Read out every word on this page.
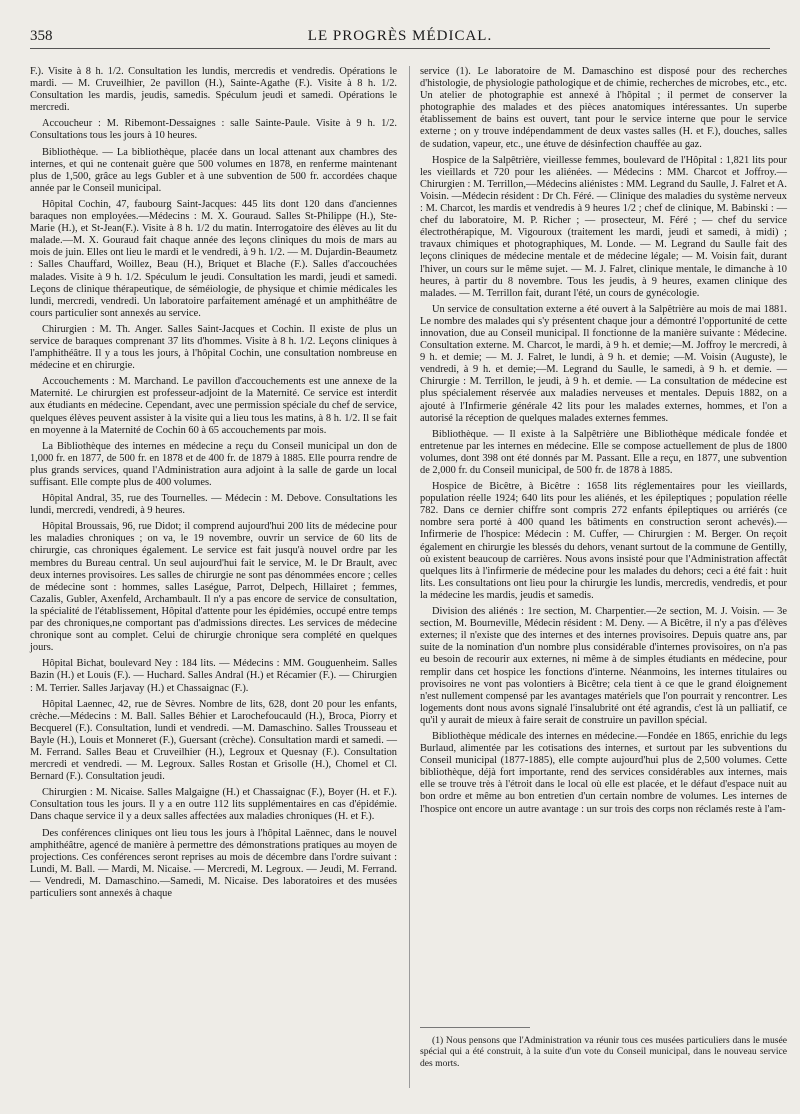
358	LE PROGRÈS MÉDICAL.

F.). Visite à 8 h. 1/2. Consultation les lundis, mercredis et vendredis. Opérations le mardi. — M. Cruveilhier, 2e pavillon (H.), Sainte-Agathe (F.). Visite à 8 h. 1/2. Consultation les mardis, jeudis, samedis. Spéculum jeudi et samedi. Opérations le mercredi.

Accoucheur : M. Ribemont-Dessaignes : salle Sainte-Paule. Visite à 9 h. 1/2. Consultations tous les jours à 10 heures.

Bibliothèque. — La bibliothèque, placée dans un local attenant aux chambres des internes, et qui ne contenait guère que 500 volumes en 1878, en renferme maintenant plus de 1,500, grâce au legs Gubler et à une subvention de 500 fr. accordées chaque année par le Conseil municipal.

Hôpital Cochin, 47, faubourg Saint-Jacques: 445 lits dont 120 dans d'anciennes baraques non employées.—Médecins : M. X. Gouraud. Salles St-Philippe (H.), Ste-Marie (H.), et St-Jean(F.). Visite à 8 h. 1/2 du matin. Interrogatoire des élèves au lit du malade.—M. X. Gouraud fait chaque année des leçons cliniques du mois de mars au mois de juin. Elles ont lieu le mardi et le vendredi, à 9 h. 1/2. — M. Dujardin-Beaumetz : Salles Chauffard, Woillez, Beau (H.), Briquet et Blache (F.). Salles d'accouchées malades. Visite à 9 h. 1/2. Spéculum le jeudi. Consultation les mardi, jeudi et samedi. Leçons de clinique thérapeutique, de séméiologie, de physique et chimie médicales les lundi, mercredi, vendredi. Un laboratoire parfaitement aménagé et un amphithéâtre de cours particulier sont annexés au service.

Chirurgien : M. Th. Anger. Salles Saint-Jacques et Cochin. Il existe de plus un service de baraques comprenant 37 lits d'hommes. Visite à 8 h. 1/2. Leçons cliniques à l'amphithéâtre. Il y a tous les jours, à l'hôpital Cochin, une consultation nombreuse en médecine et en chirurgie.

Accouchements : M. Marchand. Le pavillon d'accouchements est une annexe de la Maternité. Le chirurgien est professeur-adjoint de la Maternité. Ce service est interdit aux étudiants en médecine. Cependant, avec une permission spéciale du chef de service, quelques élèves peuvent assister à la visite qui a lieu tous les matins, à 8 h. 1/2. Il se fait en moyenne à la Maternité de Cochin 60 à 65 accouchements par mois.

La Bibliothèque des internes en médecine a reçu du Conseil municipal un don de 1,000 fr. en 1877, de 500 fr. en 1878 et de 400 fr. de 1879 à 1885. Elle pourra rendre de plus grands services, quand l'Administration aura adjoint à la salle de garde un local suffisant. Elle compte plus de 400 volumes.

Hôpital Andral, 35, rue des Tournelles. — Médecin : M. Debove. Consultations les lundi, mercredi, vendredi, à 9 heures.

Hôpital Broussais, 96, rue Didot; il comprend aujourd'hui 200 lits de médecine pour les maladies chroniques ; on va, le 19 novembre, ouvrir un service de 60 lits de chirurgie, cas chroniques également. Le service est fait jusqu'à nouvel ordre par les membres du Bureau central. Un seul aujourd'hui fait le service, M. le Dr Brault, avec deux internes provisoires. Les salles de chirurgie ne sont pas dénommées encore ; celles de médecine sont : hommes, salles Laségue, Parrot, Delpech, Hillairet ; femmes, Cazalis, Gubler, Axenfeld, Archambault. Il n'y a pas encore de service de consultation, la spécialité de l'établissement, Hôpital d'attente pour les épidémies, occupé entre temps par des chroniques,ne comportant pas d'admissions directes. Les services de médecine chronique sont au complet. Celui de chirurgie chronique sera complété en quelques jours.

Hôpital Bichat, boulevard Ney : 184 lits. — Médecins : MM. Gouguenheim. Salles Bazin (H.) et Louis (F.). — Huchard. Salles Andral (H.) et Récamier (F.). — Chirurgien : M. Terrier. Salles Jarjavay (H.) et Chassaignac (F.).

Hôpital Laennec, 42, rue de Sèvres. Nombre de lits, 628, dont 20 pour les enfants, crèche.—Médecins : M. Ball. Salles Béhier et Larochefoucauld (H.), Broca, Piorry et Becquerel (F.). Consultation, lundi et vendredi. —M. Damaschino. Salles Trousseau et Bayle (H.), Louis et Monneret (F.), Guersant (crèche). Consultation mardi et samedi. — M. Ferrand. Salles Beau et Cruveilhier (H.), Legroux et Quesnay (F.). Consultation mercredi et vendredi. — M. Legroux. Salles Rostan et Grisolle (H.), Chomel et Cl. Bernard (F.). Consultation jeudi.

Chirurgien : M. Nicaise. Salles Malgaigne (H.) et Chassaignac (F.), Boyer (H. et F.). Consultation tous les jours. Il y a en outre 112 lits supplémentaires en cas d'épidémie. Dans chaque service il y a deux salles affectées aux maladies chroniques (H. et F.).

Des conférences cliniques ont lieu tous les jours à l'hôpital Laënnec, dans le nouvel amphithéâtre, agencé de manière à permettre des démonstrations pratiques au moyen de projections. Ces conférences seront reprises au mois de décembre dans l'ordre suivant : Lundi, M. Ball. — Mardi, M. Nicaise. — Mercredi, M. Legroux. — Jeudi, M. Ferrand. — Vendredi, M. Damaschino.—Samedi, M. Nicaise. Des laboratoires et des musées particuliers sont annexés à chaque

service (1). Le laboratoire de M. Damaschino est disposé pour des recherches d'histologie, de physiologie pathologique et de chimie, recherches de microbes, etc., etc. Un atelier de photographie est annexé à l'hôpital ; il permet de conserver la photographie des malades et des pièces anatomiques intéressantes. Un superbe établissement de bains est ouvert, tant pour le service interne que pour le service externe ; on y trouve indépendamment de deux vastes salles (H. et F.), douches, salles de sudation, vapeur, etc., une étuve de désinfection chauffée au gaz.

Hospice de la Salpêtrière, vieillesse femmes, boulevard de l'Hôpital : 1,821 lits pour les vieillards et 720 pour les aliénées. — Médecins : MM. Charcot et Joffroy.—Chirurgien : M. Terrillon,—Médecins aliénistes : MM. Legrand du Saulle, J. Falret et A. Voisin. —Médecin résident : Dr Ch. Féré. — Clinique des maladies du système nerveux : M. Charcot, les mardis et vendredis à 9 heures 1/2 ; chef de clinique, M. Babinski : — chef du laboratoire, M. P. Richer ; — prosecteur, M. Féré ; — chef du service électrothérapique, M. Vigouroux (traitement les mardi, jeudi et samedi, à midi) ; travaux chimiques et photographiques, M. Londe. — M. Legrand du Saulle fait des leçons cliniques de médecine mentale et de médecine légale; — M. Voisin fait, durant l'hiver, un cours sur le même sujet. — M. J. Falret, clinique mentale, le dimanche à 10 heures, à partir du 8 novembre. Tous les jeudis, à 9 heures, examen clinique des malades. — M. Terrillon fait, durant l'été, un cours de gynécologie.

Un service de consultation externe a été ouvert à la Salpêtrière au mois de mai 1881. Le nombre des malades qui s'y présentent chaque jour a démontré l'opportunité de cette innovation, due au Conseil municipal. Il fonctionne de la manière suivante : Médecine. Consultation externe. M. Charcot, le mardi, à 9 h. et demie;—M. Joffroy le mercredi, à 9 h. et demie; — M. J. Falret, le lundi, à 9 h. et demie; —M. Voisin (Auguste), le vendredi, à 9 h. et demie;—M. Legrand du Saulle, le samedi, à 9 h. et demie. — Chirurgie : M. Terrillon, le jeudi, à 9 h. et demie. — La consultation de médecine est plus spécialement réservée aux maladies nerveuses et mentales. Depuis 1882, on a ajouté à l'Infirmerie générale 42 lits pour les malades externes, hommes, et l'on a autorisé la réception de quelques malades externes femmes.

Bibliothèque. — Il existe à la Salpêtrière une Bibliothèque médicale fondée et entretenue par les internes en médecine. Elle se compose actuellement de plus de 1800 volumes, dont 398 ont été donnés par M. Passant. Elle a reçu, en 1877, une subvention de 2,000 fr. du Conseil municipal, de 500 fr. de 1878 à 1885.

Hospice de Bicêtre, à Bicêtre : 1658 lits réglementaires pour les vieillards, population réelle 1924; 640 lits pour les aliénés, et les épileptiques ; population réelle 782. Dans ce dernier chiffre sont compris 272 enfants épileptiques ou arriérés (ce nombre sera porté à 400 quand les bâtiments en construction seront achevés).— Infirmerie de l'hospice: Médecin : M. Cuffer, — Chirurgien : M. Berger. On reçoit également en chirurgie les blessés du dehors, venant surtout de la commune de Gentilly, où existent beaucoup de carrières. Nous avons insisté pour que l'Administration affectât quelques lits à l'infirmerie de médecine pour les malades du dehors; ceci a été fait : huit lits. Les consultations ont lieu pour la chirurgie les lundis, mercredis, vendredis, et pour la médecine les mardis, jeudis et samedis.

Division des aliénés : 1re section, M. Charpentier.—2e section, M. J. Voisin. — 3e section, M. Bourneville, Médecin résident : M. Deny. — A Bicêtre, il n'y a pas d'élèves externes; il n'existe que des internes et des internes provisoires. Depuis quatre ans, par suite de la nomination d'un nombre plus considérable d'internes provisoires, on n'a pas eu besoin de recourir aux externes, ni même à de simples étudiants en médecine, pour remplir dans cet hospice les fonctions d'interne. Néanmoins, les internes titulaires ou provisoires ne vont pas volontiers à Bicêtre; cela tient à ce que le grand éloignement n'est nullement compensé par les avantages matériels que l'on pourrait y rencontrer. Les logements dont nous avons signalé l'insalubrité ont été agrandis, c'est là un palliatif, ce qu'il y aurait de mieux à faire serait de construire un pavillon spécial.

Bibliothèque médicale des internes en médecine.—Fondée en 1865, enrichie du legs Burlaud, alimentée par les cotisations des internes, et surtout par les subventions du Conseil municipal (1877-1885), elle compte aujourd'hui plus de 2,500 volumes. Cette bibliothèque, déjà fort importante, rend des services considérables aux internes, mais elle se trouve très à l'étroit dans le local où elle est placée, et le défaut d'espace nuit au bon ordre et même au bon entretien d'un certain nombre de volumes. Les internes de l'hospice ont encore un autre avantage : un sur trois des corps non réclamés reste à l'am-

(1) Nous pensons que l'Administration va réunir tous ces musées particuliers dans le musée spécial qui a été construit, à la suite d'un vote du Conseil municipal, dans le nouveau service des morts.
